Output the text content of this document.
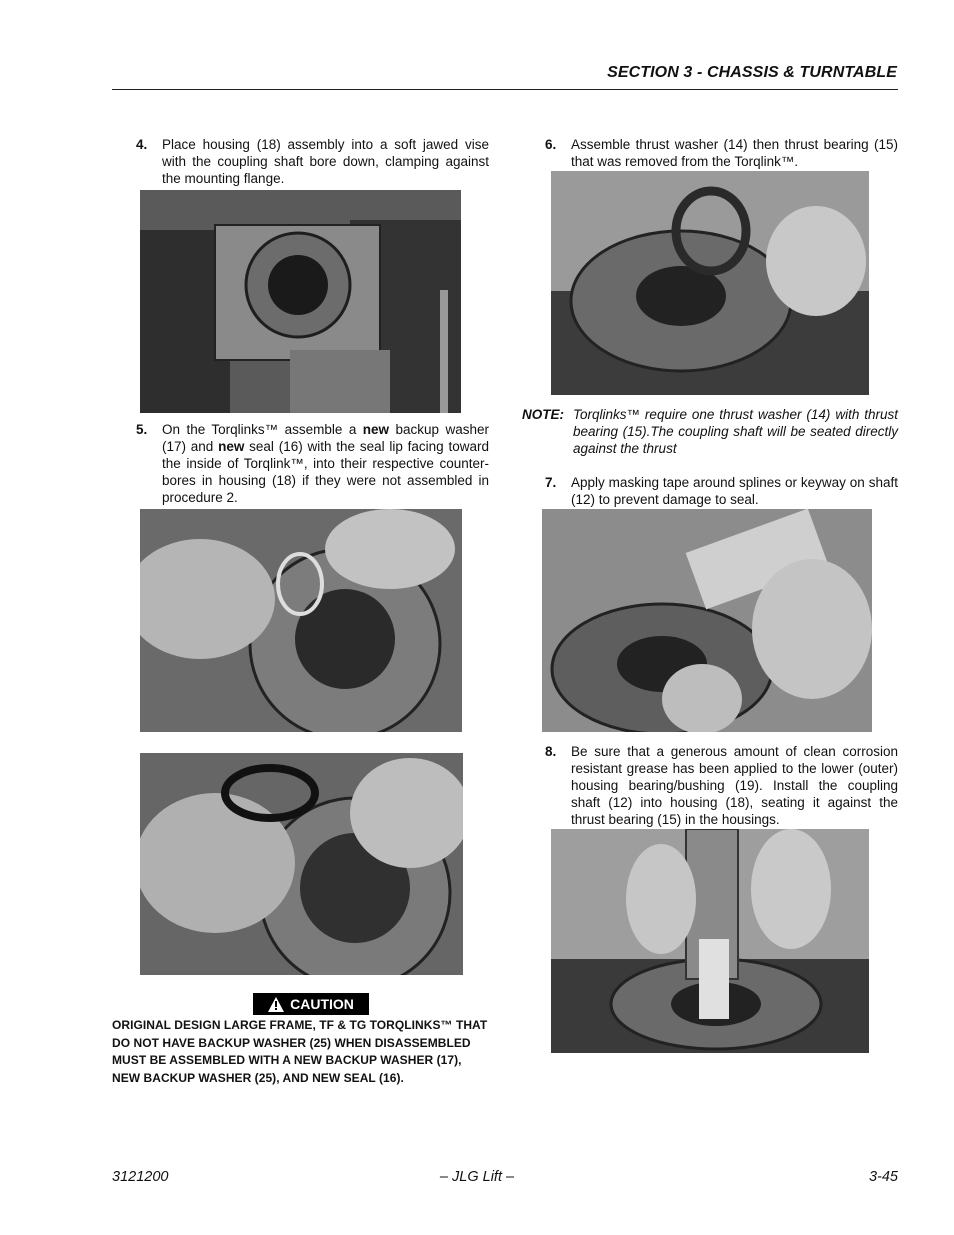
SECTION 3 - CHASSIS & TURNTABLE
4. Place housing (18) assembly into a soft jawed vise with the coupling shaft bore down, clamping against the mounting flange.
5. On the Torqlinks™ assemble a new backup washer (17) and new seal (16) with the seal lip facing toward the inside of Torqlink™, into their respective counter-bores in housing (18) if they were not assembled in procedure 2.
CAUTION
ORIGINAL DESIGN LARGE FRAME, TF & TG TORQLINKS™ THAT DO NOT HAVE BACKUP WASHER (25) WHEN DISASSEMBLED MUST BE ASSEMBLED WITH A NEW BACKUP WASHER (17), NEW BACKUP WASHER (25), AND NEW SEAL (16).
6. Assemble thrust washer (14) then thrust bearing (15) that was removed from the Torqlink™.
NOTE: Torqlinks™ require one thrust washer (14) with thrust bearing (15).The coupling shaft will be seated directly against the thrust
7. Apply masking tape around splines or keyway on shaft (12) to prevent damage to seal.
8. Be sure that a generous amount of clean corrosion resistant grease has been applied to the lower (outer) housing bearing/bushing (19). Install the coupling shaft (12) into housing (18), seating it against the thrust bearing (15) in the housings.
3121200	– JLG Lift –	3-45
